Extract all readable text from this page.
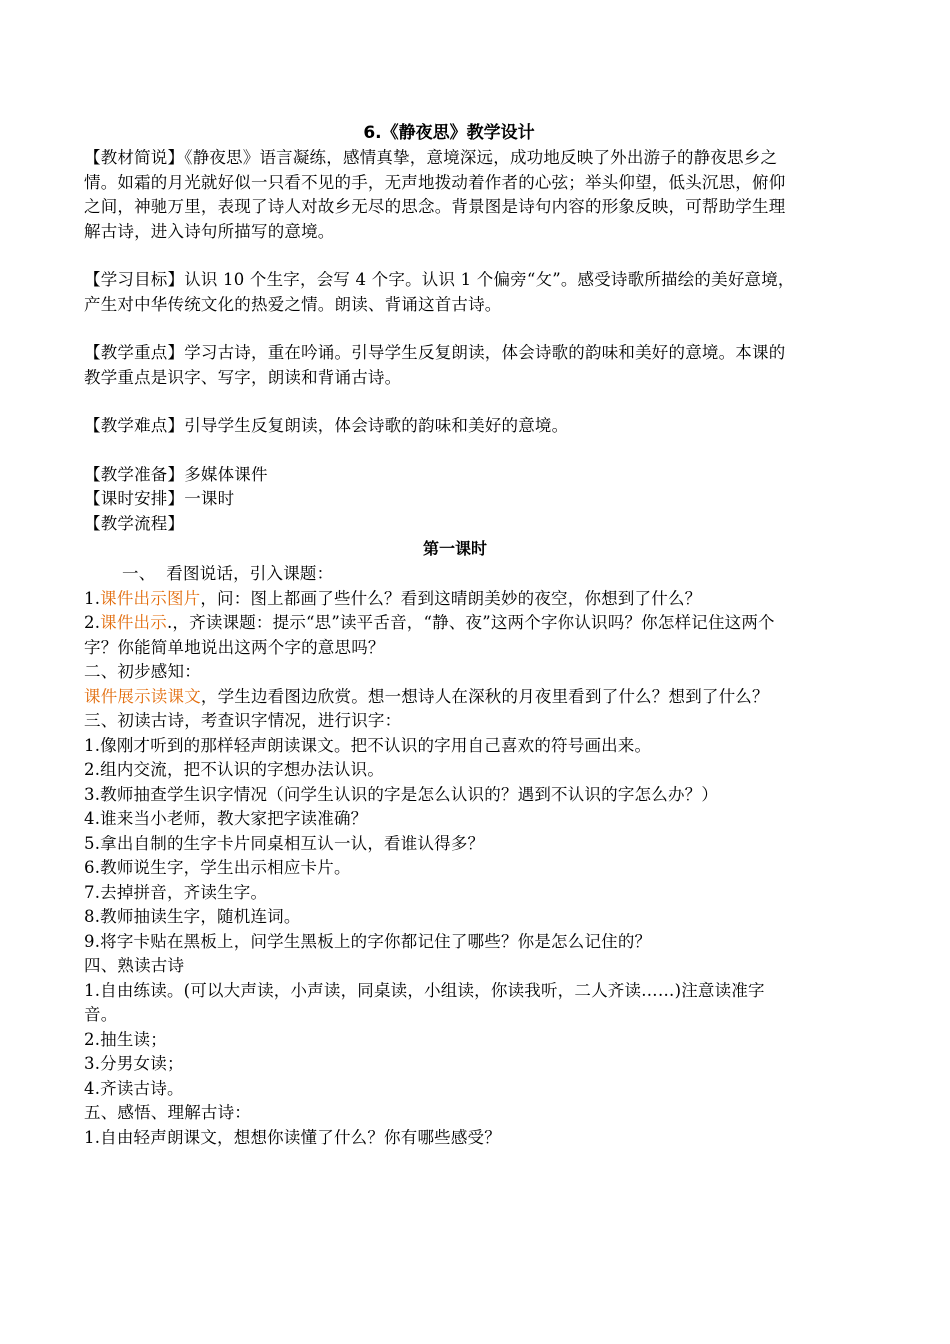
6.《静夜思》教学设计

【教材简说】《静夜思》语言凝练，感情真挚，意境深远，成功地反映了外出游子的静夜思乡之情。如霜的月光就好似一只看不见的手，无声地拨动着作者的心弦；举头仰望，低头沉思，俯仰之间，神驰万里，表现了诗人对故乡无尽的思念。背景图是诗句内容的形象反映，可帮助学生理解古诗，进入诗句所描写的意境。

【学习目标】认识 10 个生字，会写 4 个字。认识 1 个偏旁“攵”。感受诗歌所描绘的美好意境，产生对中华传统文化的热爱之情。朗读、背诵这首古诗。

【教学重点】学习古诗，重在吟诵。引导学生反复朗读，体会诗歌的韵味和美好的意境。本课的教学重点是识字、写字，朗读和背诵古诗。

【教学难点】引导学生反复朗读，体会诗歌的韵味和美好的意境。

【教学准备】多媒体课件

【课时安排】一课时

【教学流程】

第一课时

一、  看图说话，引入课题：

1.课件出示图片，问：图上都画了些什么？看到这晴朗美妙的夜空，你想到了什么？

2.课件出示.，齐读课题：提示“思”读平舌音，“静、夜”这两个字你认识吗？你怎样记住这两个字？你能简单地说出这两个字的意思吗？

二、初步感知：

课件展示读课文，学生边看图边欣赏。想一想诗人在深秋的月夜里看到了什么？想到了什么？

三、初读古诗，考查识字情况，进行识字：

1.像刚才听到的那样轻声朗读课文。把不认识的字用自己喜欢的符号画出来。

2.组内交流，把不认识的字想办法认识。

3.教师抽查学生识字情况（问学生认识的字是怎么认识的？遇到不认识的字怎么办？）

4.谁来当小老师，教大家把字读准确？

5.拿出自制的生字卡片同桌相互认一认，看谁认得多？

6.教师说生字，学生出示相应卡片。

7.去掉拼音，齐读生字。

8.教师抽读生字，随机连词。

9.将字卡贴在黑板上，问学生黑板上的字你都记住了哪些？你是怎么记住的？

四、熟读古诗

1.自由练读。(可以大声读，小声读，同桌读，小组读，你读我听，二人齐读……)注意读准字音。

2.抽生读；

3.分男女读；

4.齐读古诗。

五、感悟、理解古诗：

1.自由轻声朗课文，想想你读懂了什么？你有哪些感受？
